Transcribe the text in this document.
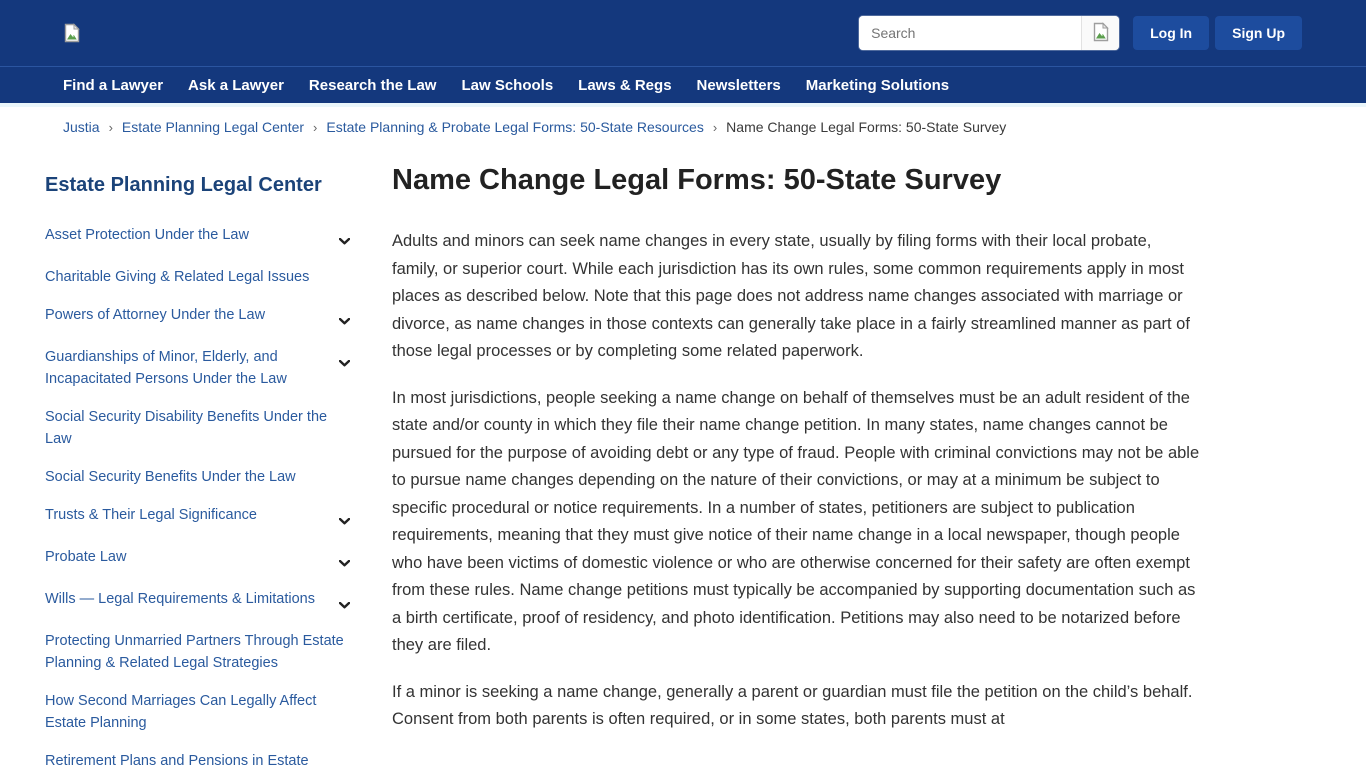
Search
Log In	Sign Up
Find a Lawyer Ask a Lawyer Research the Law Law Schools Laws & Regs Newsletters Marketing Solutions
Justia › Estate Planning Legal Center › Estate Planning & Probate Legal Forms: 50-State Resources › Name Change Legal Forms: 50-State Survey
Estate Planning Legal Center
Asset Protection Under the Law
Charitable Giving & Related Legal Issues
Powers of Attorney Under the Law
Guardianships of Minor, Elderly, and Incapacitated Persons Under the Law
Social Security Disability Benefits Under the Law
Social Security Benefits Under the Law
Trusts & Their Legal Significance
Probate Law
Wills — Legal Requirements & Limitations
Protecting Unmarried Partners Through Estate Planning & Related Legal Strategies
How Second Marriages Can Legally Affect Estate Planning
Retirement Plans and Pensions in Estate
Name Change Legal Forms: 50-State Survey

Adults and minors can seek name changes in every state, usually by filing forms with their local probate, family, or superior court. While each jurisdiction has its own rules, some common requirements apply in most places as described below. Note that this page does not address name changes associated with marriage or divorce, as name changes in those contexts can generally take place in a fairly streamlined manner as part of those legal processes or by completing some related paperwork.

In most jurisdictions, people seeking a name change on behalf of themselves must be an adult resident of the state and/or county in which they file their name change petition. In many states, name changes cannot be pursued for the purpose of avoiding debt or any type of fraud. People with criminal convictions may not be able to pursue name changes depending on the nature of their convictions, or may at a minimum be subject to specific procedural or notice requirements. In a number of states, petitioners are subject to publication requirements, meaning that they must give notice of their name change in a local newspaper, though people who have been victims of domestic violence or who are otherwise concerned for their safety are often exempt from these rules. Name change petitions must typically be accompanied by supporting documentation such as a birth certificate, proof of residency, and photo identification. Petitions may also need to be notarized before they are filed.

If a minor is seeking a name change, generally a parent or guardian must file the petition on the child’s behalf. Consent from both parents is often required, or in some states, both parents must at
